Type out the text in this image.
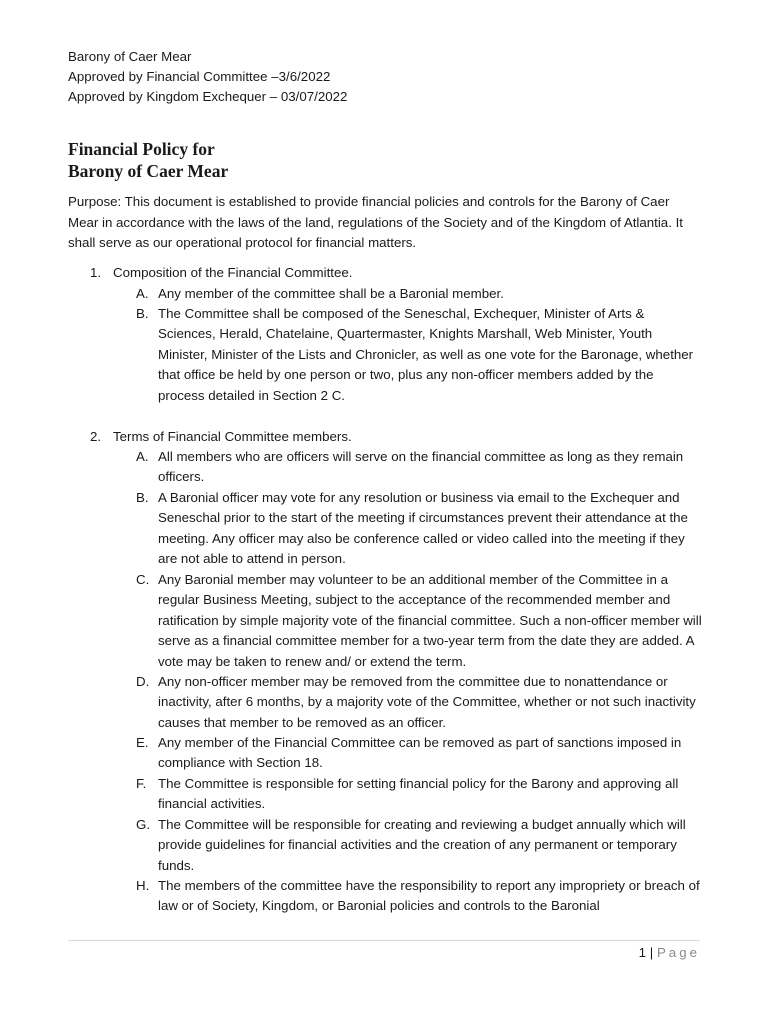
Barony of Caer Mear
Approved by Financial Committee –3/6/2022
Approved by Kingdom Exchequer – 03/07/2022
Financial Policy for
Barony of Caer Mear
Purpose: This document is established to provide financial policies and controls for the Barony of Caer Mear in accordance with the laws of the land, regulations of the Society and of the Kingdom of Atlantia. It shall serve as our operational protocol for financial matters.
1. Composition of the Financial Committee.
A. Any member of the committee shall be a Baronial member.
B. The Committee shall be composed of the Seneschal, Exchequer, Minister of Arts & Sciences, Herald, Chatelaine, Quartermaster, Knights Marshall, Web Minister, Youth Minister, Minister of the Lists and Chronicler, as well as one vote for the Baronage, whether that office be held by one person or two, plus any non-officer members added by the process detailed in Section 2 C.
2. Terms of Financial Committee members.
A. All members who are officers will serve on the financial committee as long as they remain officers.
B. A Baronial officer may vote for any resolution or business via email to the Exchequer and Seneschal prior to the start of the meeting if circumstances prevent their attendance at the meeting. Any officer may also be conference called or video called into the meeting if they are not able to attend in person.
C. Any Baronial member may volunteer to be an additional member of the Committee in a regular Business Meeting, subject to the acceptance of the recommended member and ratification by simple majority vote of the financial committee. Such a non-officer member will serve as a financial committee member for a two-year term from the date they are added. A vote may be taken to renew and/ or extend the term.
D. Any non-officer member may be removed from the committee due to nonattendance or inactivity, after 6 months, by a majority vote of the Committee, whether or not such inactivity causes that member to be removed as an officer.
E. Any member of the Financial Committee can be removed as part of sanctions imposed in compliance with Section 18.
F. The Committee is responsible for setting financial policy for the Barony and approving all financial activities.
G. The Committee will be responsible for creating and reviewing a budget annually which will provide guidelines for financial activities and the creation of any permanent or temporary funds.
H. The members of the committee have the responsibility to report any impropriety or breach of law or of Society, Kingdom, or Baronial policies and controls to the Baronial
1 | Page
